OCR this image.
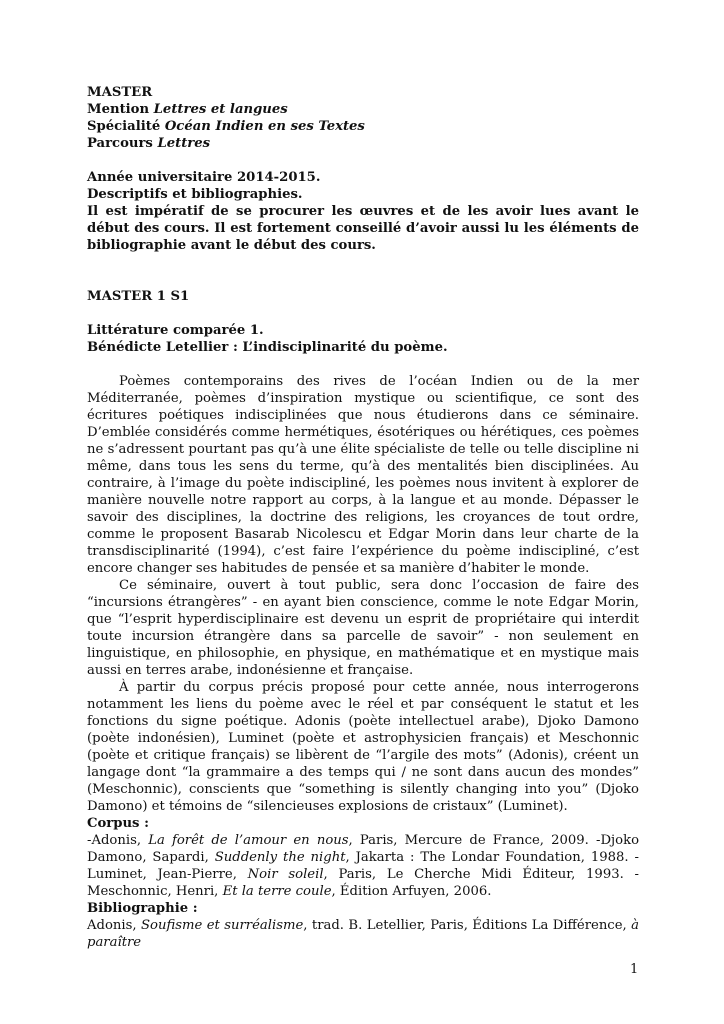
MASTER
Mention Lettres et langues
Spécialité Océan Indien en ses Textes
Parcours Lettres
Année universitaire 2014-2015.
Descriptifs et bibliographies.

Il est impératif de se procurer les œuvres et de les avoir lues avant le début des cours. Il est fortement conseillé d’avoir aussi lu les éléments de bibliographie avant le début des cours.

MASTER 1 S1
Littérature comparée 1.
Bénédicte Letellier : L’indisciplinarité du poème.

Poèmes contemporains des rives de l’océan Indien ou de la mer Méditerranée, poèmes d’inspiration mystique ou scientifique, ce sont des écritures poétiques indisciplinées que nous étudierons dans ce séminaire. D’emblée considérés comme hermétiques, ésotériques ou hérétiques, ces poèmes ne s’adressent pourtant pas qu’à une élite spécialiste de telle ou telle discipline ni même, dans tous les sens du terme, qu’à des mentalités bien disciplinées. Au contraire, à l’image du poète indiscipliné, les poèmes nous invitent à explorer de manière nouvelle notre rapport au corps, à la langue et au monde. Dépasser le savoir des disciplines, la doctrine des religions, les croyances de tout ordre, comme le proposent Basarab Nicolescu et Edgar Morin dans leur charte de la transdisciplinarité (1994), c’est faire l’expérience du poème indiscipliné, c’est encore changer ses habitudes de pensée et sa manière d’habiter le monde.

Ce séminaire, ouvert à tout public, sera donc l’occasion de faire des “incursions étrangères” - en ayant bien conscience, comme le note Edgar Morin, que “l’esprit hyperdisciplinaire est devenu un esprit de propriétaire qui interdit toute incursion étrangère dans sa parcelle de savoir” - non seulement en linguistique, en philosophie, en physique, en mathématique et en mystique mais aussi en terres arabe, indonésienne et française.

À partir du corpus précis proposé pour cette année, nous interrogerons notamment les liens du poème avec le réel et par conséquent le statut et les fonctions du signe poétique. Adonis (poète intellectuel arabe), Djoko Damono (poète indonésien), Luminet (poète et astrophysicien français) et Meschonnic (poète et critique français) se libèrent de “l’argile des mots” (Adonis), créent un langage dont “la grammaire a des temps qui / ne sont dans aucun des mondes” (Meschonnic), conscients que “something is silently changing into you” (Djoko Damono) et témoins de “silencieuses explosions de cristaux” (Luminet).

Corpus :

-Adonis, La forêt de l’amour en nous, Paris, Mercure de France, 2009. -Djoko Damono, Sapardi, Suddenly the night, Jakarta : The Londar Foundation, 1988. -Luminet, Jean-Pierre, Noir soleil, Paris, Le Cherche Midi Éditeur, 1993. -Meschonnic, Henri, Et la terre coule, Édition Arfuyen, 2006.

Bibliographie :

Adonis, Soufisme et surréalisme, trad. B. Letellier, Paris, Éditions La Différence, à paraître

1
